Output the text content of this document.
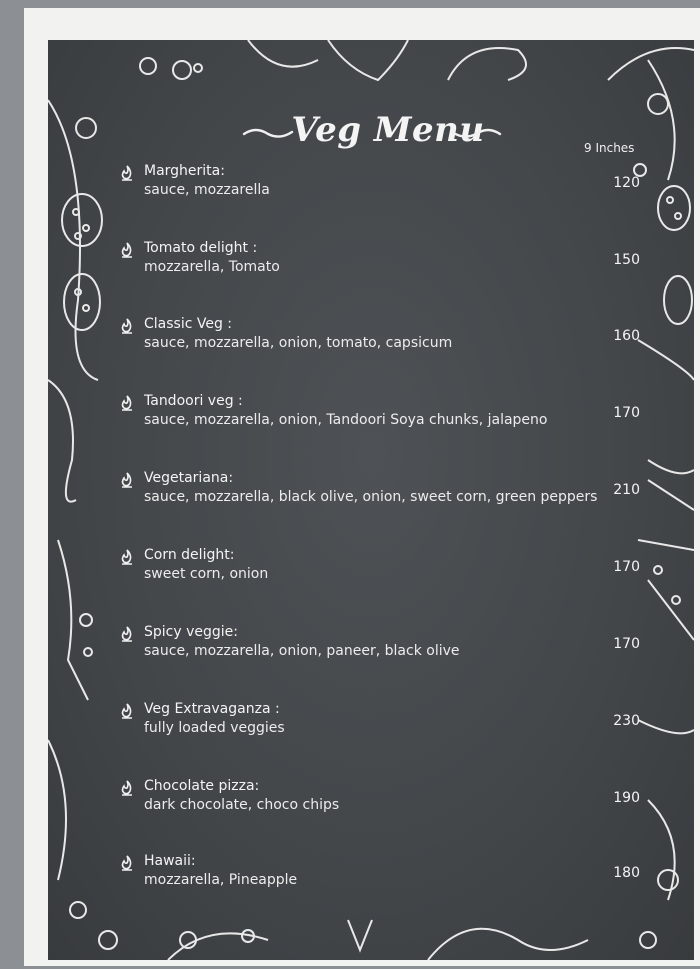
Veg Menu	9 Inches
Margherita:
sauce, mozzarella	120
Tomato delight :
mozzarella, Tomato	150
Classic Veg :
sauce, mozzarella, onion, tomato, capsicum	160
Tandoori veg :
sauce, mozzarella, onion, Tandoori Soya chunks, jalapeno	170
Vegetariana:
sauce, mozzarella, black olive, onion, sweet corn, green peppers	210
Corn delight:
sweet corn, onion	170
Spicy veggie:
sauce, mozzarella, onion, paneer, black olive	170
Veg Extravaganza :
fully loaded veggies	230
Chocolate pizza:
dark chocolate, choco chips	190
Hawaii:
mozzarella, Pineapple	180
